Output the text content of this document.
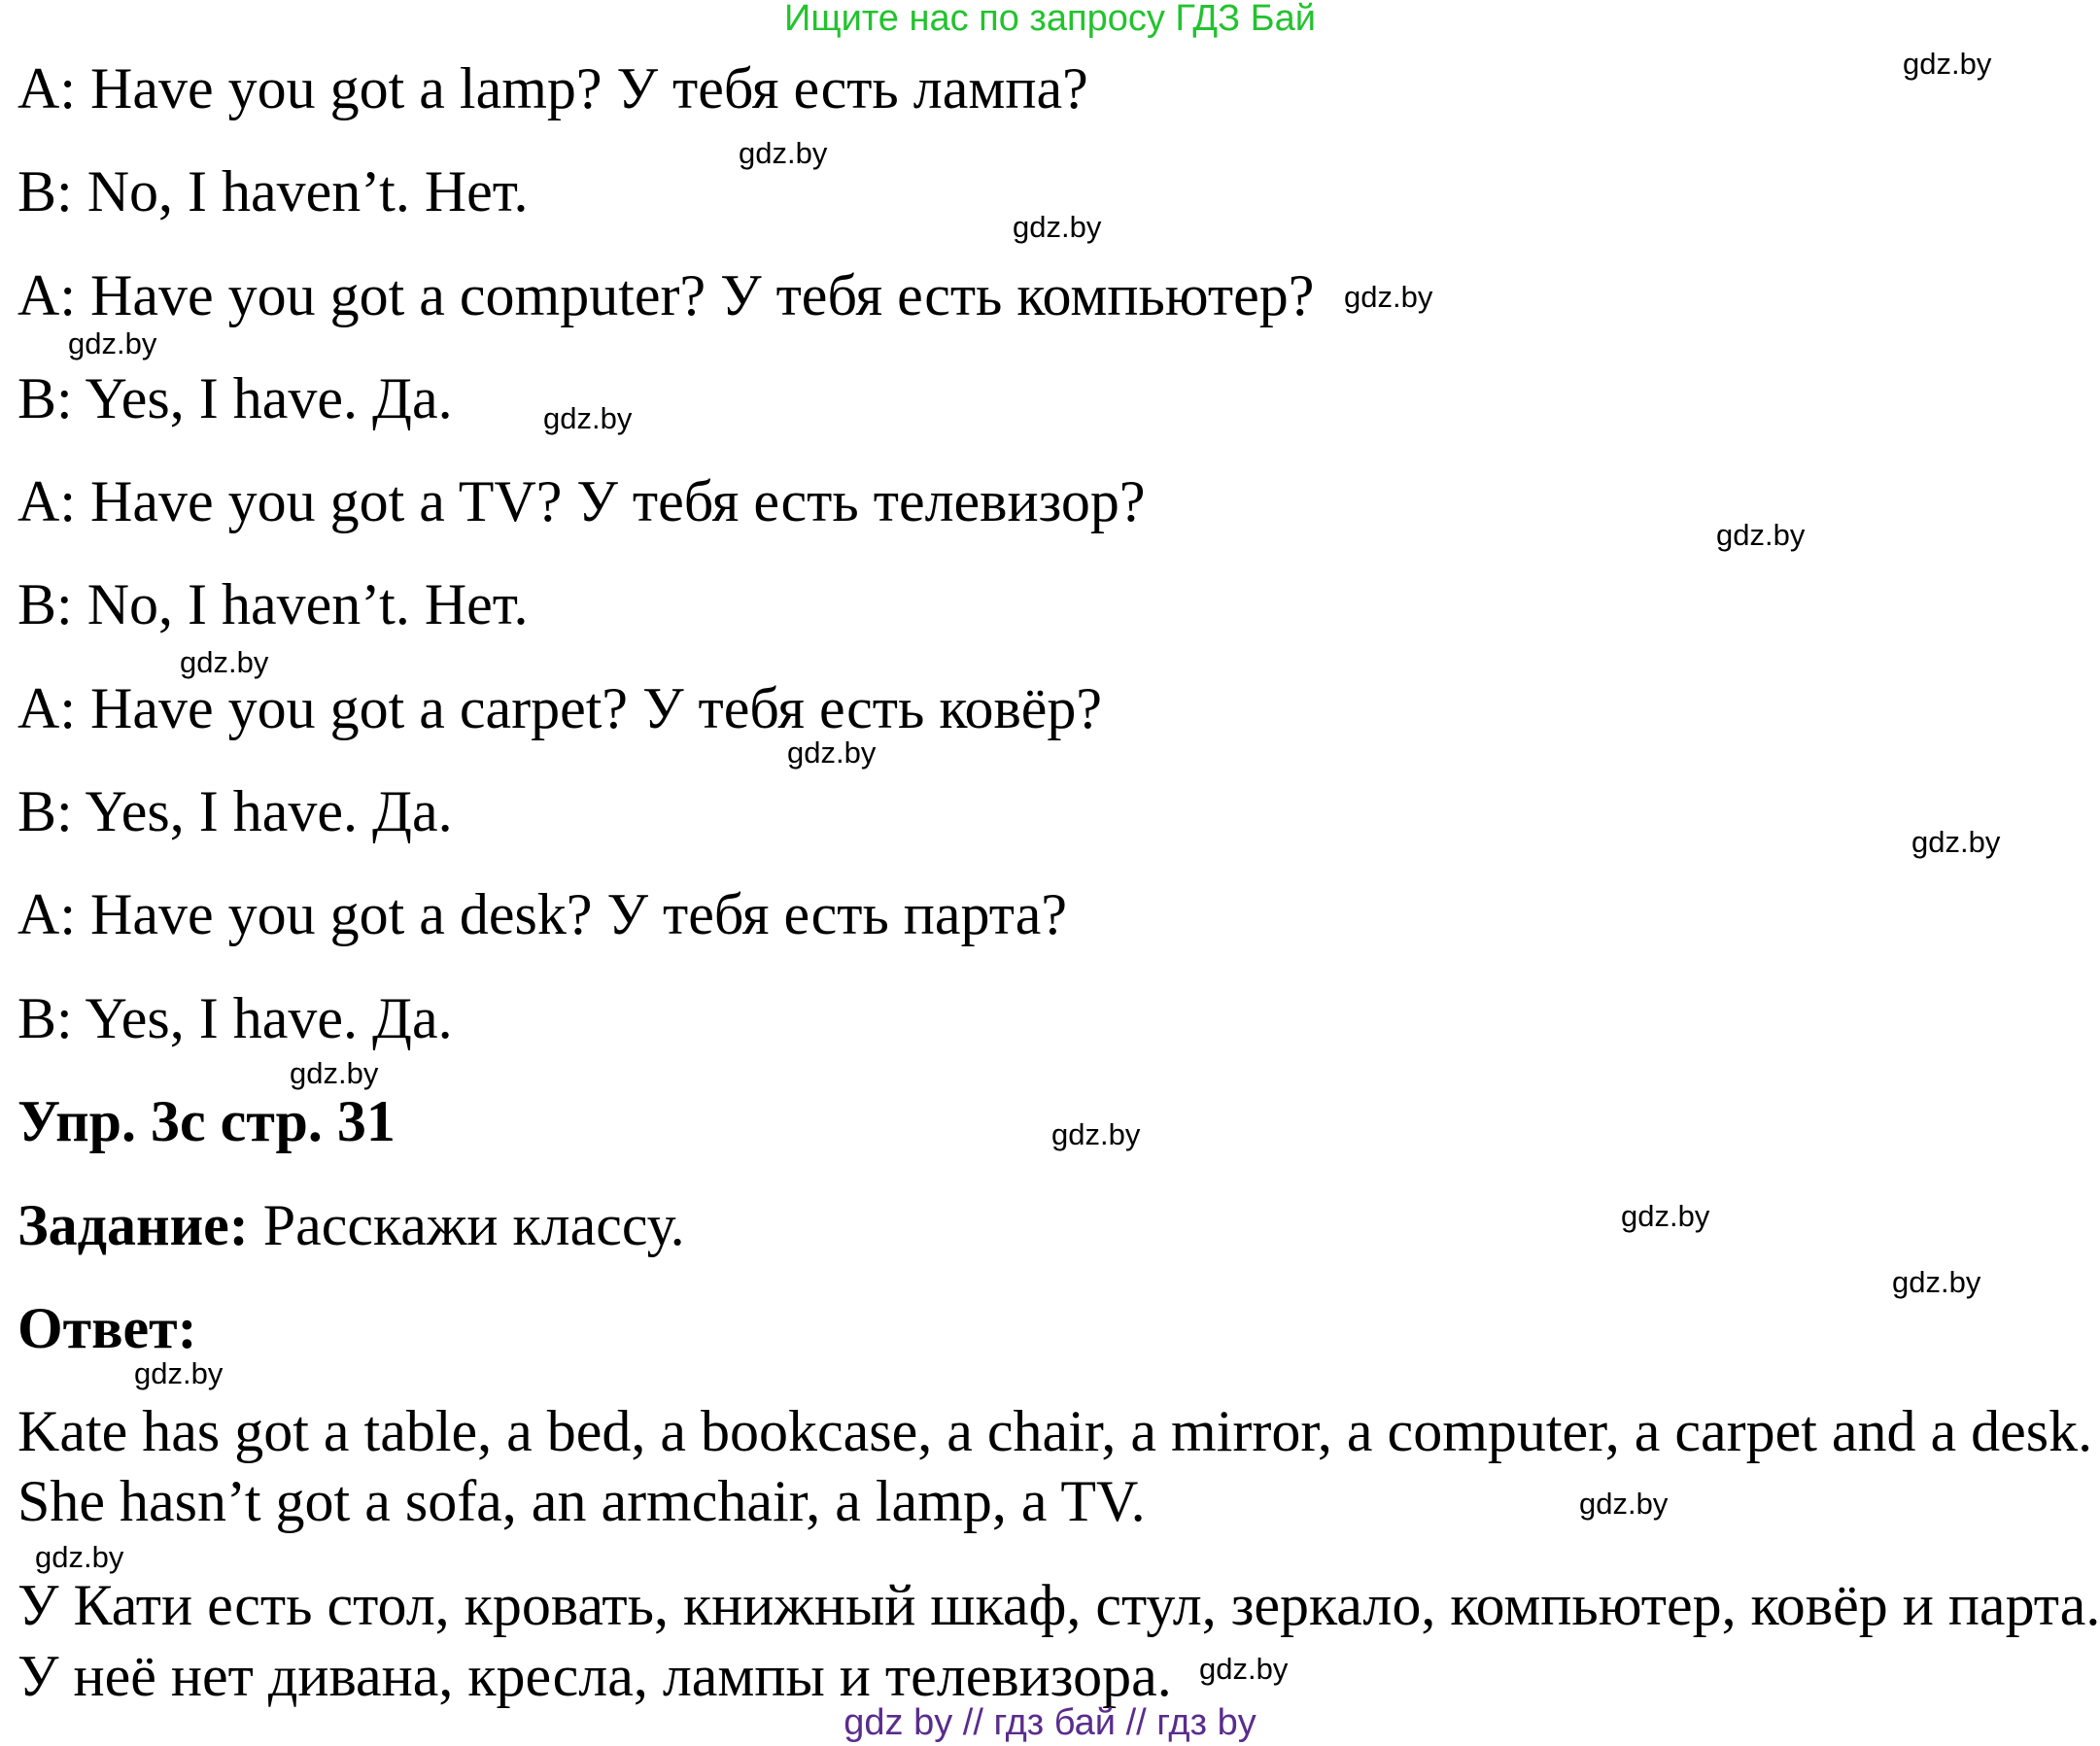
Ищите нас по запросу ГДЗ Бай
A: Have you got a lamp? У тебя есть лампа?
B: No, I haven’t. Нет.
A: Have you got a computer? У тебя есть компьютер?
B: Yes, I have. Да.
A: Have you got a TV? У тебя есть телевизор?
B: No, I haven’t. Нет.
A: Have you got a carpet? У тебя есть ковёр?
B: Yes, I have. Да.
A: Have you got a desk? У тебя есть парта?
B: Yes, I have. Да.
Упр. 3с стр. 31
Задание: Расскажи классу.
Ответ:
Kate has got a table, a bed, a bookcase, a chair, a mirror, a computer, a carpet and a desk.
She hasn’t got a sofa, an armchair, a lamp, a TV.
У Кати есть стол, кровать, книжный шкаф, стул, зеркало, компьютер, ковёр и парта.
У неё нет дивана, кресла, лампы и телевизора.
gdz.by
gdz.by
gdz.by
gdz.by
gdz.by
gdz.by
gdz.by
gdz.by
gdz.by
gdz.by
gdz.by
gdz.by
gdz.by
gdz.by
gdz.by
gdz.by
gdz.by
gdz.by
gdz by // гдз бай // гдз by
